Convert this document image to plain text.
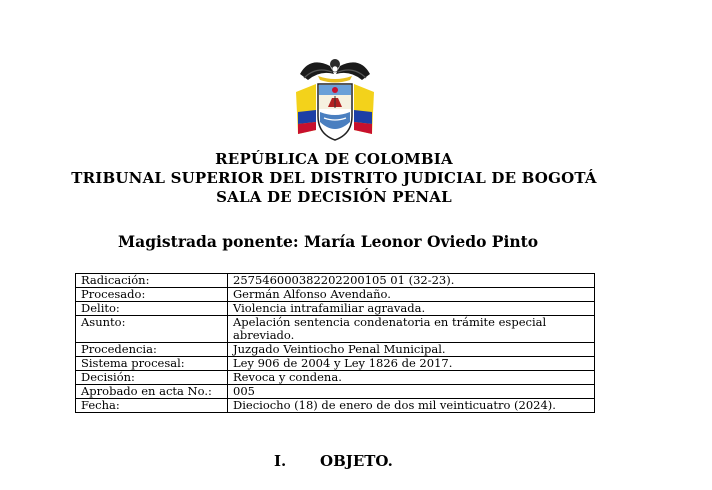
REPÚBLICA DE COLOMBIA
TRIBUNAL SUPERIOR DEL DISTRITO JUDICIAL DE BOGOTÁ
SALA DE DECISIÓN PENAL
Magistrada ponente: María Leonor Oviedo Pinto
Radicación:	257546000382202200105 01 (32-23).
Procesado:	Germán Alfonso Avendaño.
Delito:	Violencia intrafamiliar agravada.
Asunto:	Apelación sentencia condenatoria en trámite especial abreviado.
Procedencia:	Juzgado Veintiocho Penal Municipal.
Sistema procesal:	Ley 906 de 2004 y Ley 1826 de 2017.
Decisión:	Revoca y condena.
Aprobado en acta No.:	005
Fecha:	Dieciocho (18) de enero de dos mil veinticuatro (2024).
I. OBJETO.
